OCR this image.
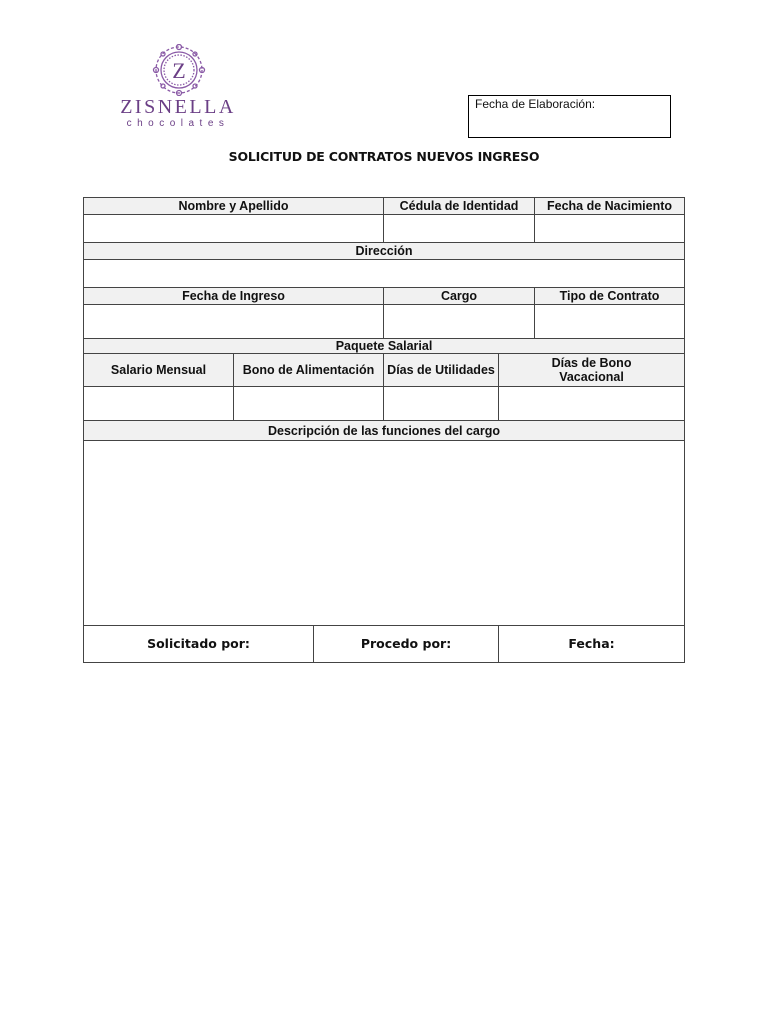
Z
ZISNELLA
chocolates
Fecha de Elaboración:
SOLICITUD DE CONTRATOS NUEVOS INGRESO
Nombre y Apellido			Cédula de Identidad		Fecha de Nacimiento

Dirección					

Fecha de Ingreso			Cargo		Tipo de Contrato

Paquete Salarial					
Salario Mensual	Bono de Alimentación		Días de Utilidades	Días de Bono Vacacional	

Descripción de las funciones del cargo					

Solicitado por:		Procedo por:		Fecha:	
